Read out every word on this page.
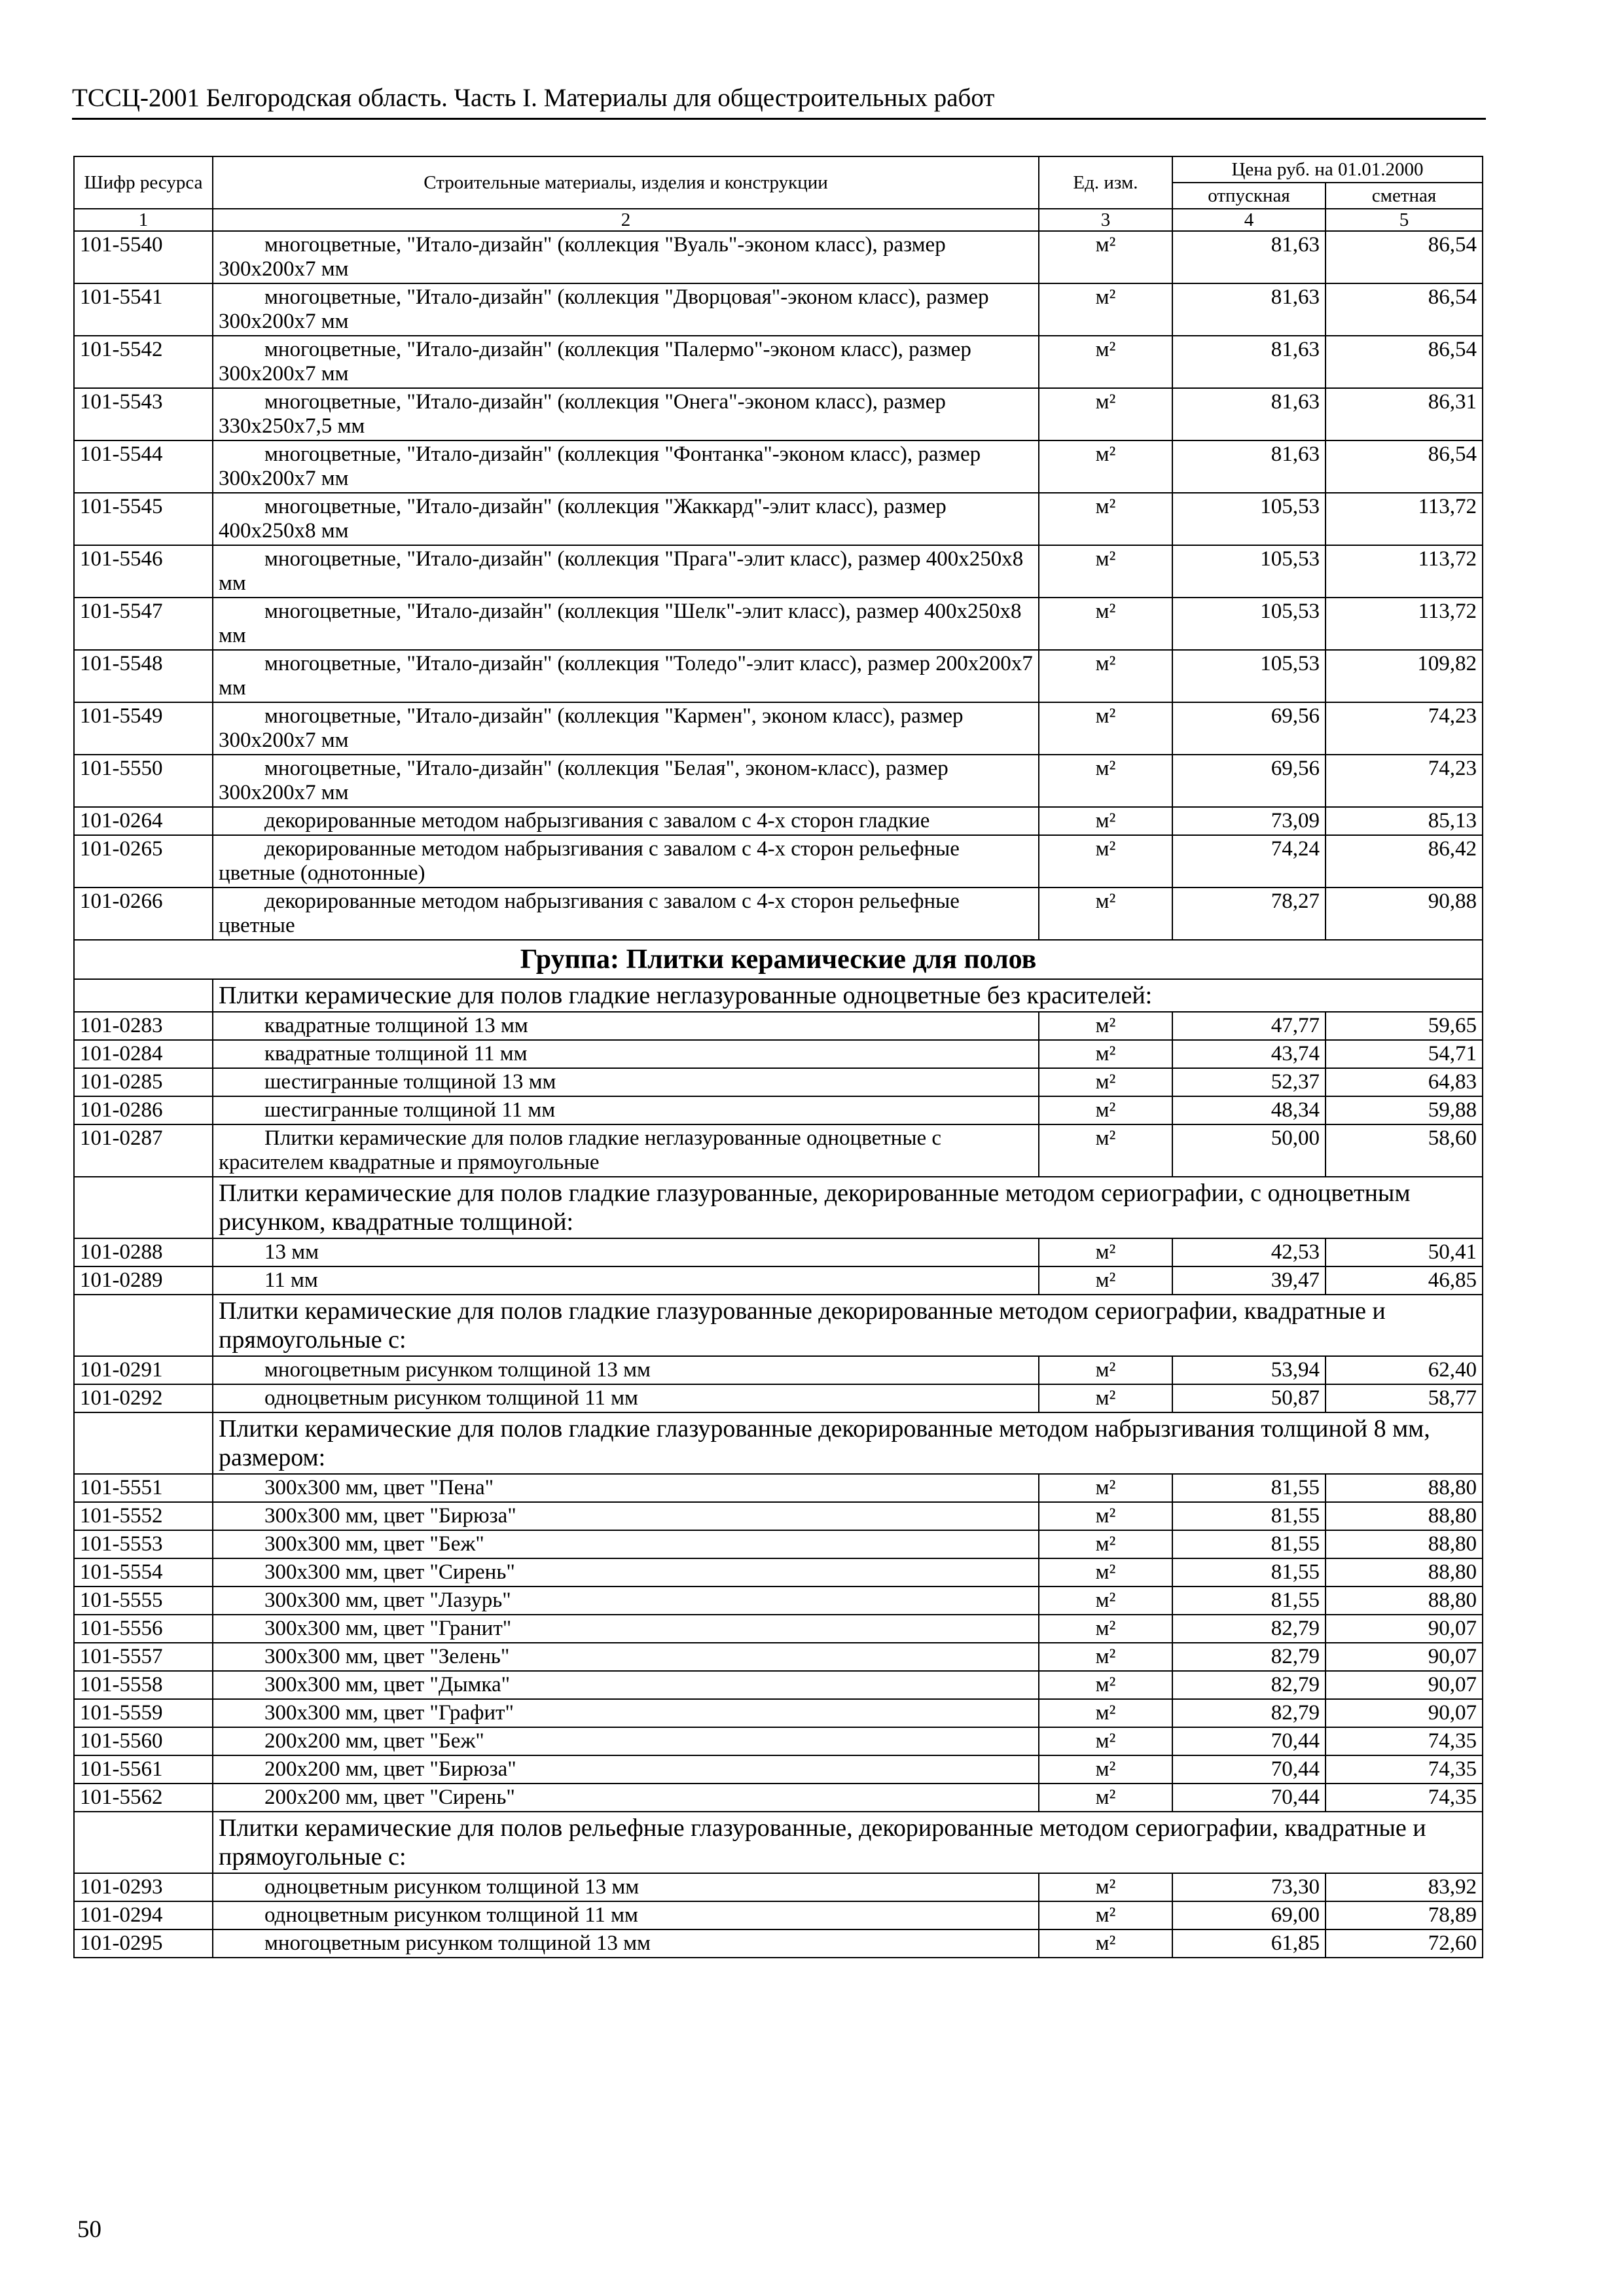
ТССЦ-2001 Белгородская область. Часть I. Материалы для общестроительных работ
Шифр ресурса	Строительные материалы, изделия и конструкции	Ед. изм.	Цена руб. на 01.01.2000	
			отпускная	сметная
1	2	3	4	5
101-5540	многоцветные, "Итало-дизайн" (коллекция "Вуаль"-эконом класс), размер 300x200x7 мм	м²	81,63	86,54
101-5541	многоцветные, "Итало-дизайн" (коллекция "Дворцовая"-эконом класс), размер 300x200x7 мм	м²	81,63	86,54
101-5542	многоцветные, "Итало-дизайн" (коллекция "Палермо"-эконом класс), размер 300x200x7 мм	м²	81,63	86,54
101-5543	многоцветные, "Итало-дизайн" (коллекция "Онега"-эконом класс), размер 330x250x7,5 мм	м²	81,63	86,31
101-5544	многоцветные, "Итало-дизайн" (коллекция "Фонтанка"-эконом класс), размер 300x200x7 мм	м²	81,63	86,54
101-5545	многоцветные, "Итало-дизайн" (коллекция "Жаккард"-элит класс), размер 400x250x8 мм	м²	105,53	113,72
101-5546	многоцветные, "Итало-дизайн" (коллекция "Прага"-элит класс), размер 400x250x8 мм	м²	105,53	113,72
101-5547	многоцветные, "Итало-дизайн" (коллекция "Шелк"-элит класс), размер 400x250x8 мм	м²	105,53	113,72
101-5548	многоцветные, "Итало-дизайн" (коллекция "Толедо"-элит класс), размер 200x200x7 мм	м²	105,53	109,82
101-5549	многоцветные, "Итало-дизайн" (коллекция "Кармен", эконом класс), размер 300x200x7 мм	м²	69,56	74,23
101-5550	многоцветные, "Итало-дизайн" (коллекция "Белая", эконом-класс), размер 300x200x7 мм	м²	69,56	74,23
101-0264	декорированные методом набрызгивания с завалом с 4-х сторон гладкие	м²	73,09	85,13
101-0265	декорированные методом набрызгивания с завалом с 4-х сторон рельефные цветные (однотонные)	м²	74,24	86,42
101-0266	декорированные методом набрызгивания с завалом с 4-х сторон рельефные цветные	м²	78,27	90,88
Группа: Плитки керамические для полов				
	Плитки керамические для полов гладкие неглазурованные одноцветные без красителей:			
101-0283	квадратные толщиной 13 мм	м²	47,77	59,65
101-0284	квадратные толщиной 11 мм	м²	43,74	54,71
101-0285	шестигранные толщиной 13 мм	м²	52,37	64,83
101-0286	шестигранные толщиной 11 мм	м²	48,34	59,88
101-0287	Плитки керамические для полов гладкие неглазурованные одноцветные с красителем квадратные и прямоугольные	м²	50,00	58,60
	Плитки керамические для полов гладкие глазурованные, декорированные методом сериографии, с одноцветным рисунком, квадратные толщиной:			
101-0288	13 мм	м²	42,53	50,41
101-0289	11 мм	м²	39,47	46,85
	Плитки керамические для полов гладкие глазурованные декорированные методом сериографии, квадратные и прямоугольные с:			
101-0291	многоцветным рисунком толщиной 13 мм	м²	53,94	62,40
101-0292	одноцветным рисунком толщиной 11 мм	м²	50,87	58,77
	Плитки керамические для полов гладкие глазурованные декорированные методом набрызгивания толщиной 8 мм, размером:			
101-5551	300x300 мм, цвет "Пена"	м²	81,55	88,80
101-5552	300x300 мм, цвет "Бирюза"	м²	81,55	88,80
101-5553	300x300 мм, цвет "Беж"	м²	81,55	88,80
101-5554	300x300 мм, цвет "Сирень"	м²	81,55	88,80
101-5555	300x300 мм, цвет "Лазурь"	м²	81,55	88,80
101-5556	300x300 мм, цвет "Гранит"	м²	82,79	90,07
101-5557	300x300 мм, цвет "Зелень"	м²	82,79	90,07
101-5558	300x300 мм, цвет "Дымка"	м²	82,79	90,07
101-5559	300x300 мм, цвет "Графит"	м²	82,79	90,07
101-5560	200x200 мм, цвет "Беж"	м²	70,44	74,35
101-5561	200x200 мм, цвет "Бирюза"	м²	70,44	74,35
101-5562	200x200 мм, цвет "Сирень"	м²	70,44	74,35
	Плитки керамические для полов рельефные глазурованные, декорированные методом сериографии, квадратные и прямоугольные с:			
101-0293	одноцветным рисунком толщиной 13 мм	м²	73,30	83,92
101-0294	одноцветным рисунком толщиной 11 мм	м²	69,00	78,89
101-0295	многоцветным рисунком толщиной 13 мм	м²	61,85	72,60
50
